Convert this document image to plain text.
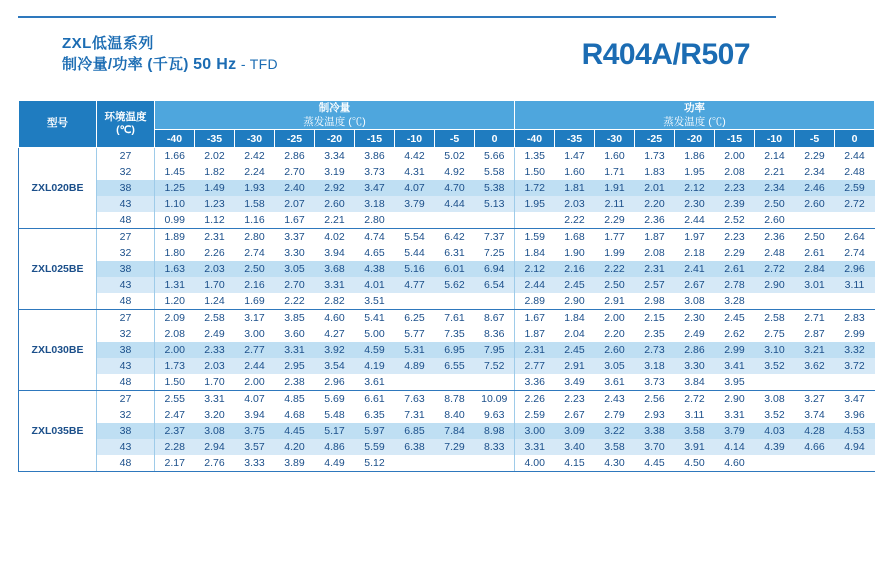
ZXL低温系列
制冷量/功率 (千瓦) 50 Hz - TFD	R404A/R507
型号	
环境温度
(℃)

制冷量
蒸发温度 (℃)

功率
蒸发温度 (℃)

		-40	-35	-30	-25	-20	-15	-10	-5	0	-40	-35	-30	-25	-20	-15	-10	-5	0
ZXL020BE	27	1.66	2.02	2.42	2.86	3.34	3.86	4.42	5.02	5.66	1.35	1.47	1.60	1.73	1.86	2.00	2.14	2.29	2.44
	32	1.45	1.82	2.24	2.70	3.19	3.73	4.31	4.92	5.58	1.50	1.60	1.71	1.83	1.95	2.08	2.21	2.34	2.48
	38	1.25	1.49	1.93	2.40	2.92	3.47	4.07	4.70	5.38	1.72	1.81	1.91	2.01	2.12	2.23	2.34	2.46	2.59
	43	1.10	1.23	1.58	2.07	2.60	3.18	3.79	4.44	5.13	1.95	2.03	2.11	2.20	2.30	2.39	2.50	2.60	2.72
	48	0.99	1.12	1.16	1.67	2.21	2.80					2.22	2.29	2.36	2.44	2.52	2.60		
ZXL025BE	27	1.89	2.31	2.80	3.37	4.02	4.74	5.54	6.42	7.37	1.59	1.68	1.77	1.87	1.97	2.23	2.36	2.50	2.64
	32	1.80	2.26	2.74	3.30	3.94	4.65	5.44	6.31	7.25	1.84	1.90	1.99	2.08	2.18	2.29	2.48	2.61	2.74
	38	1.63	2.03	2.50	3.05	3.68	4.38	5.16	6.01	6.94	2.12	2.16	2.22	2.31	2.41	2.61	2.72	2.84	2.96
	43	1.31	1.70	2.16	2.70	3.31	4.01	4.77	5.62	6.54	2.44	2.45	2.50	2.57	2.67	2.78	2.90	3.01	3.11
	48	1.20	1.24	1.69	2.22	2.82	3.51				2.89	2.90	2.91	2.98	3.08	3.28			
ZXL030BE	27	2.09	2.58	3.17	3.85	4.60	5.41	6.25	7.61	8.67	1.67	1.84	2.00	2.15	2.30	2.45	2.58	2.71	2.83
	32	2.08	2.49	3.00	3.60	4.27	5.00	5.77	7.35	8.36	1.87	2.04	2.20	2.35	2.49	2.62	2.75	2.87	2.99
	38	2.00	2.33	2.77	3.31	3.92	4.59	5.31	6.95	7.95	2.31	2.45	2.60	2.73	2.86	2.99	3.10	3.21	3.32
	43	1.73	2.03	2.44	2.95	3.54	4.19	4.89	6.55	7.52	2.77	2.91	3.05	3.18	3.30	3.41	3.52	3.62	3.72
	48	1.50	1.70	2.00	2.38	2.96	3.61				3.36	3.49	3.61	3.73	3.84	3.95			
ZXL035BE	27	2.55	3.31	4.07	4.85	5.69	6.61	7.63	8.78	10.09	2.26	2.23	2.43	2.56	2.72	2.90	3.08	3.27	3.47
	32	2.47	3.20	3.94	4.68	5.48	6.35	7.31	8.40	9.63	2.59	2.67	2.79	2.93	3.11	3.31	3.52	3.74	3.96
	38	2.37	3.08	3.75	4.45	5.17	5.97	6.85	7.84	8.98	3.00	3.09	3.22	3.38	3.58	3.79	4.03	4.28	4.53
	43	2.28	2.94	3.57	4.20	4.86	5.59	6.38	7.29	8.33	3.31	3.40	3.58	3.70	3.91	4.14	4.39	4.66	4.94
	48	2.17	2.76	3.33	3.89	4.49	5.12				4.00	4.15	4.30	4.45	4.50	4.60			
